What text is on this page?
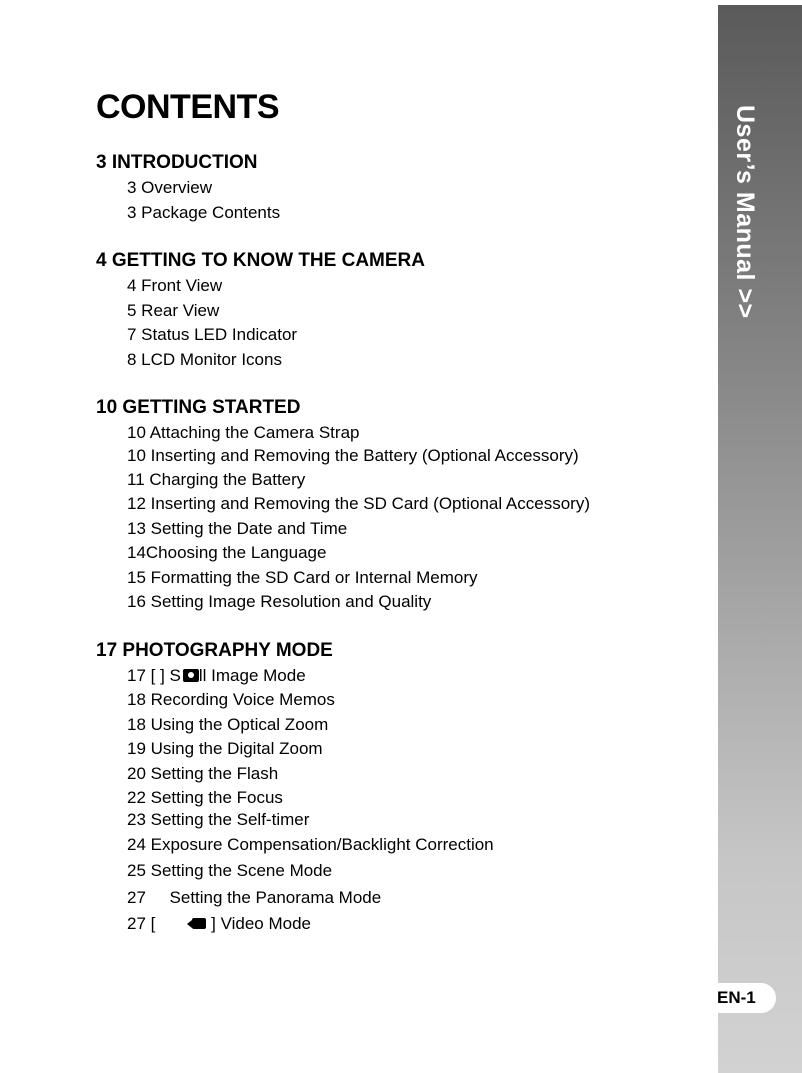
User’s Manual >>
EN-1
CONTENTS
3 INTRODUCTION
3 Overview
3 Package Contents
4 GETTING TO KNOW THE CAMERA
4 Front View
5 Rear View
7 Status LED Indicator
8 LCD Monitor Icons
10 GETTING STARTED
10 Attaching the Camera Strap
10 Inserting and Removing the Battery (Optional Accessory)
11 Charging the Battery
12 Inserting and Removing the SD Card (Optional Accessory)
13 Setting the Date and Time
14Choosing the Language
15 Formatting the SD Card or Internal Memory
16 Setting Image Resolution and Quality
17 PHOTOGRAPHY MODE
17 [ ] S ll Image Mode
18 Recording Voice Memos
18 Using the Optical Zoom
19 Using the Digital Zoom
20 Setting the Flash
22 Setting the Focus
23 Setting the Self-timer
24 Exposure Compensation/Backlight Correction
25 Setting the Scene Mode
27     Setting the Panorama Mode
27 [        ] Video Mode
